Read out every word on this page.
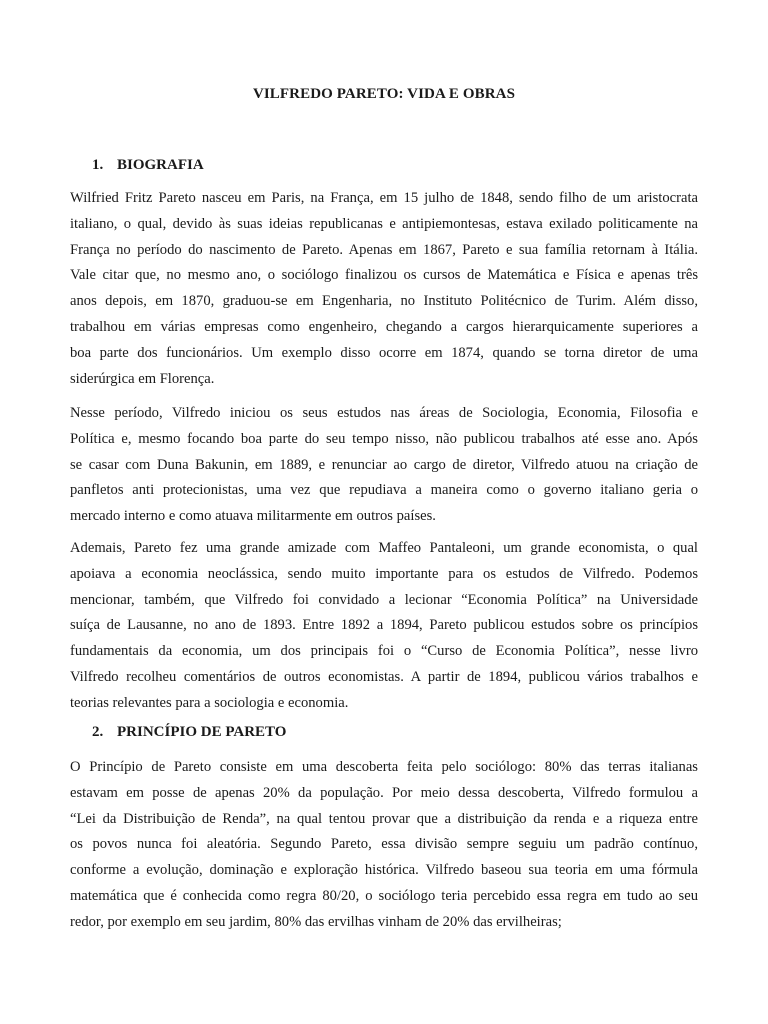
VILFREDO PARETO: VIDA E OBRAS
1. BIOGRAFIA
Wilfried Fritz Pareto nasceu em Paris, na França, em 15 julho de 1848, sendo filho de um aristocrata
italiano, o qual, devido às suas ideias republicanas e antipiemontesas, estava exilado politicamente na
França no período do nascimento de Pareto. Apenas em 1867, Pareto e sua família retornam à Itália.
Vale citar que, no mesmo ano, o sociólogo finalizou os cursos de Matemática e Física e apenas três
anos depois, em 1870, graduou-se em Engenharia, no Instituto Politécnico de Turim. Além disso,
trabalhou em várias empresas como engenheiro, chegando a cargos hierarquicamente superiores a
boa parte dos funcionários. Um exemplo disso ocorre em 1874, quando se torna diretor de uma
siderúrgica em Florença.
Nesse período, Vilfredo iniciou os seus estudos nas áreas de Sociologia, Economia, Filosofia e
Política e, mesmo focando boa parte do seu tempo nisso, não publicou trabalhos até esse ano. Após
se casar com Duna Bakunin, em 1889, e renunciar ao cargo de diretor, Vilfredo atuou na criação de
panfletos anti protecionistas, uma vez que repudiava a maneira como o governo italiano geria o
mercado interno e como atuava militarmente em outros países.
Ademais, Pareto fez uma grande amizade com Maffeo Pantaleoni, um grande economista, o qual
apoiava a economia neoclássica, sendo muito importante para os estudos de Vilfredo. Podemos
mencionar, também, que Vilfredo foi convidado a lecionar “Economia Política” na Universidade
suíça de Lausanne, no ano de 1893. Entre 1892 a 1894, Pareto publicou estudos sobre os princípios
fundamentais da economia, um dos principais foi o “Curso de Economia Política”, nesse livro
Vilfredo recolheu comentários de outros economistas. A partir de 1894, publicou vários trabalhos e
teorias relevantes para a sociologia e economia.
2. PRINCÍPIO DE PARETO
O Princípio de Pareto consiste em uma descoberta feita pelo sociólogo: 80% das terras italianas
estavam em posse de apenas 20% da população. Por meio dessa descoberta, Vilfredo formulou a
“Lei da Distribuição de Renda”, na qual tentou provar que a distribuição da renda e a riqueza entre
os povos nunca foi aleatória. Segundo Pareto, essa divisão sempre seguiu um padrão contínuo,
conforme a evolução, dominação e exploração histórica. Vilfredo baseou sua teoria em uma fórmula
matemática que é conhecida como regra 80/20, o sociólogo teria percebido essa regra em tudo ao seu
redor, por exemplo em seu jardim, 80% das ervilhas vinham de 20% das ervilheiras;
